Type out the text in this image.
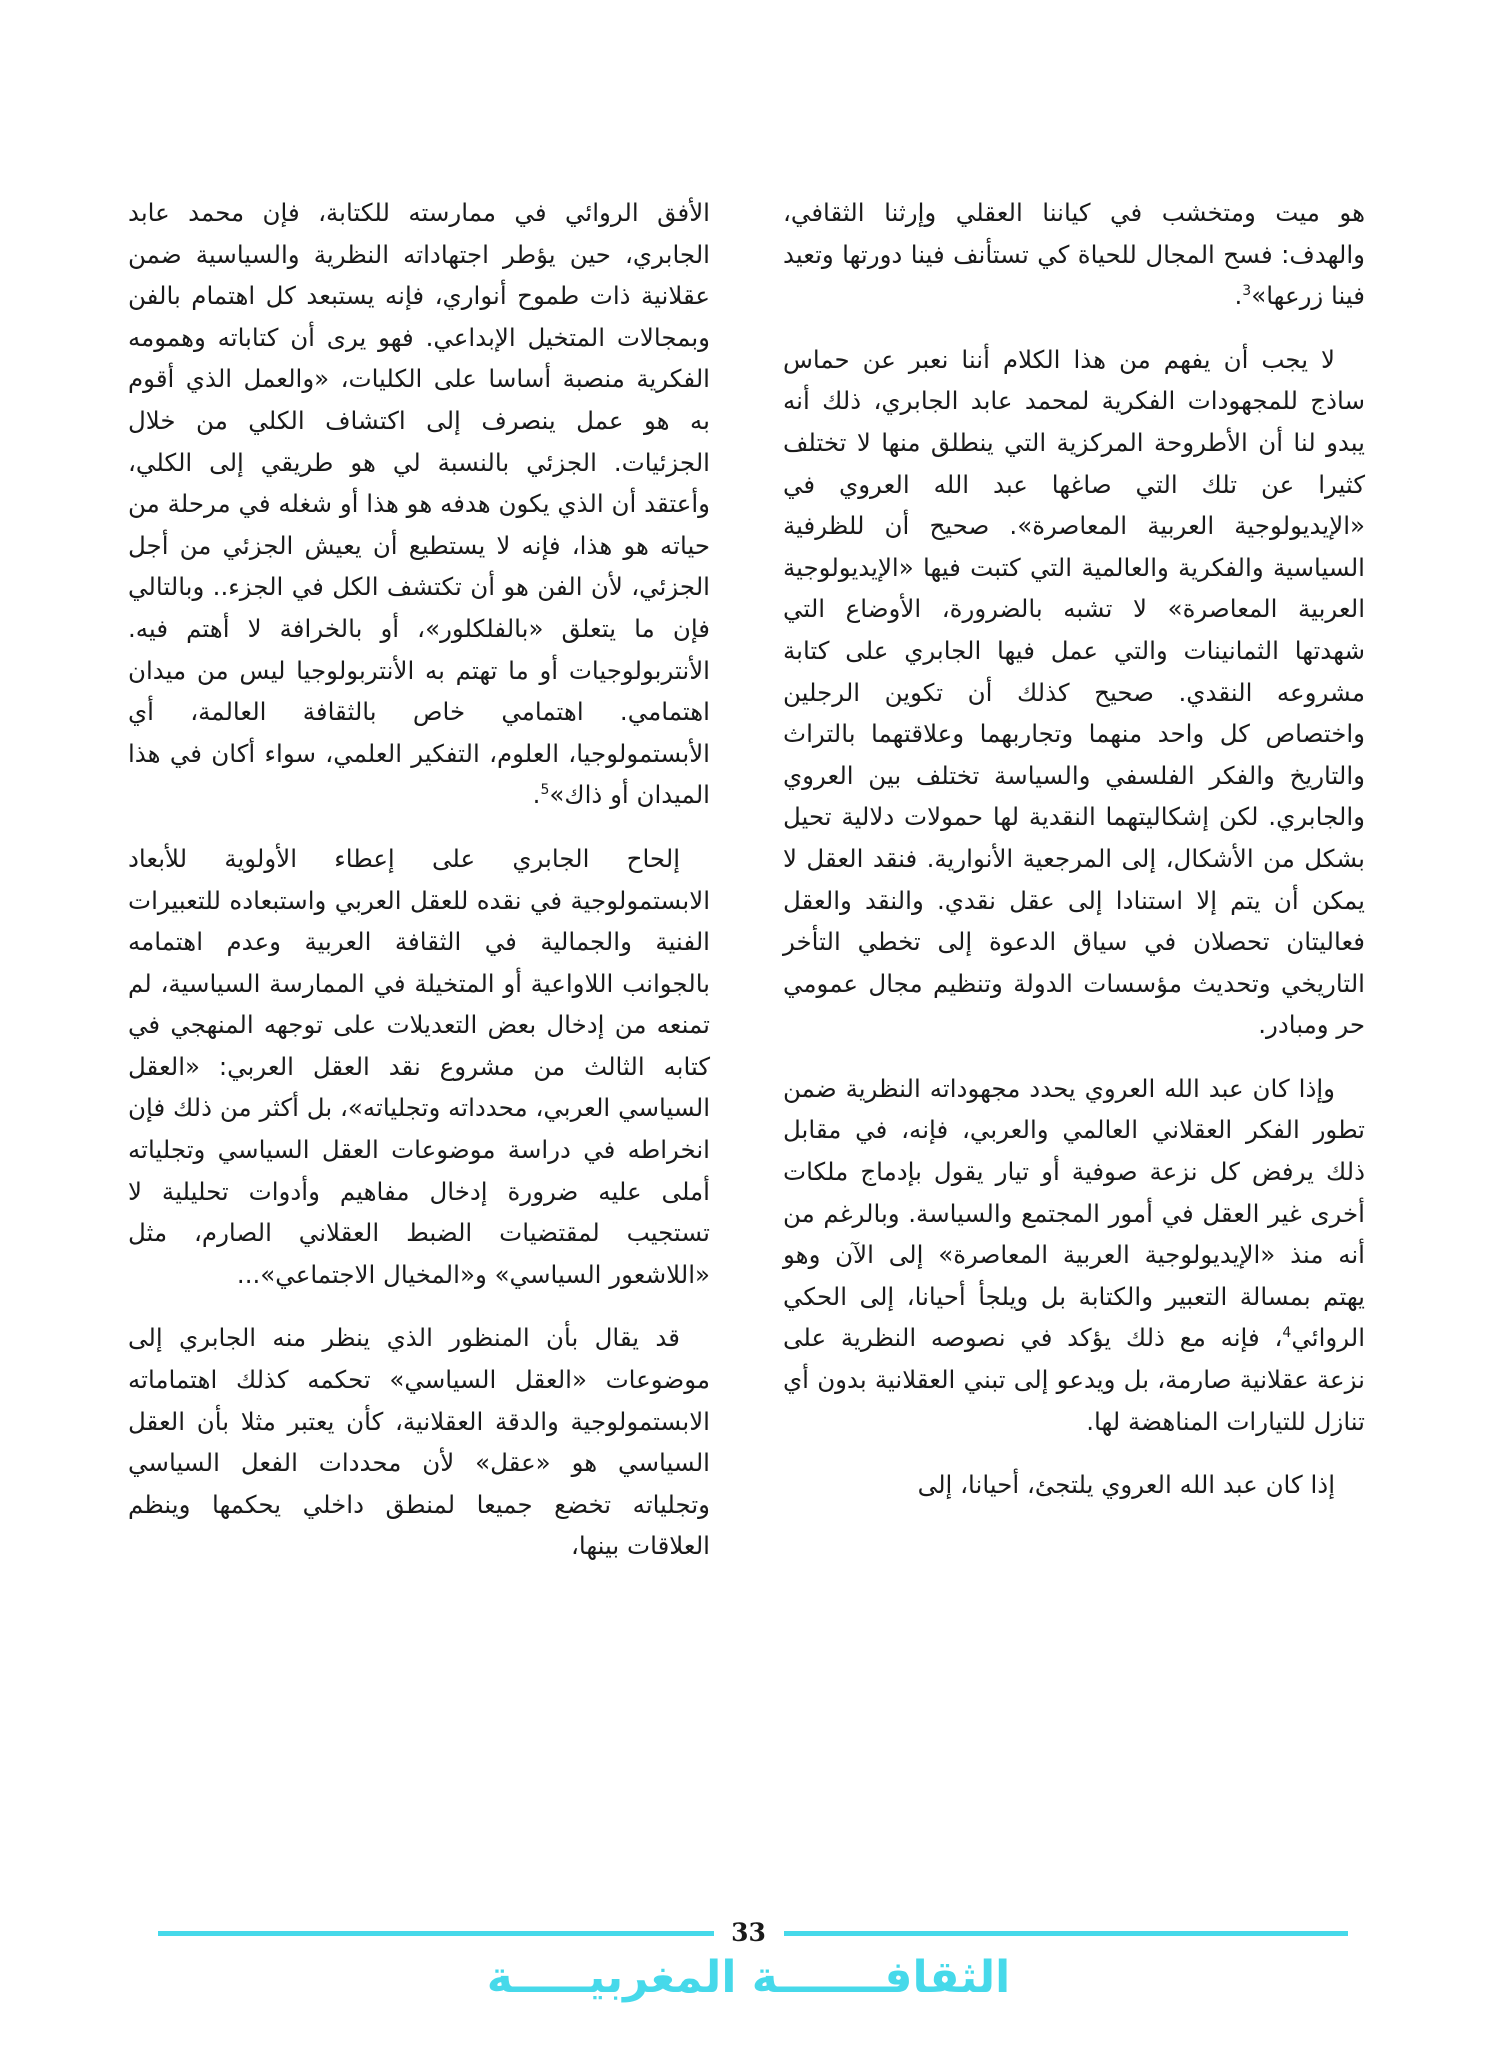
هو ميت ومتخشب في كياننا العقلي وإرثنا الثقافي، والهدف: فسح المجال للحياة كي تستأنف فينا دورتها وتعيد فينا زرعها»$^3$.

لا يجب أن يفهم من هذا الكلام أننا نعبر عن حماس ساذج للمجهودات الفكرية لمحمد عابد الجابري، ذلك أنه يبدو لنا أن الأطروحة المركزية التي ينطلق منها لا تختلف كثيرا عن تلك التي صاغها عبد الله العروي في «الإيديولوجية العربية المعاصرة». صحيح أن للظرفية السياسية والفكرية والعالمية التي كتبت فيها «الإيديولوجية العربية المعاصرة» لا تشبه بالضرورة، الأوضاع التي شهدتها الثمانينات والتي عمل فيها الجابري على كتابة مشروعه النقدي. صحيح كذلك أن تكوين الرجلين واختصاص كل واحد منهما وتجاربهما وعلاقتهما بالتراث والتاريخ والفكر الفلسفي والسياسة تختلف بين العروي والجابري. لكن إشكاليتهما النقدية لها حمولات دلالية تحيل بشكل من الأشكال، إلى المرجعية الأنوارية. فنقد العقل لا يمكن أن يتم إلا استنادا إلى عقل نقدي. والنقد والعقل فعاليتان تحصلان في سياق الدعوة إلى تخطي التأخر التاريخي وتحديث مؤسسات الدولة وتنظيم مجال عمومي حر ومبادر.

وإذا كان عبد الله العروي يحدد مجهوداته النظرية ضمن تطور الفكر العقلاني العالمي والعربي، فإنه، في مقابل ذلك يرفض كل نزعة صوفية أو تيار يقول بإدماج ملكات أخرى غير العقل في أمور المجتمع والسياسة. وبالرغم من أنه منذ «الإيديولوجية العربية المعاصرة» إلى الآن وهو يهتم بمسالة التعبير والكتابة بل ويلجأ أحيانا، إلى الحكي الروائي$^4$، فإنه مع ذلك يؤكد في نصوصه النظرية على نزعة عقلانية صارمة، بل ويدعو إلى تبني العقلانية بدون أي تنازل للتيارات المناهضة لها.

إذا كان عبد الله العروي يلتجئ، أحيانا، إلى

الأفق الروائي في ممارسته للكتابة، فإن محمد عابد الجابري، حين يؤطر اجتهاداته النظرية والسياسية ضمن عقلانية ذات طموح أنواري، فإنه يستبعد كل اهتمام بالفن وبمجالات المتخيل الإبداعي. فهو يرى أن كتاباته وهمومه الفكرية منصبة أساسا على الكليات، «والعمل الذي أقوم به هو عمل ينصرف إلى اكتشاف الكلي من خلال الجزئيات. الجزئي بالنسبة لي هو طريقي إلى الكلي، وأعتقد أن الذي يكون هدفه هو هذا أو شغله في مرحلة من حياته هو هذا، فإنه لا يستطيع أن يعيش الجزئي من أجل الجزئي، لأن الفن هو أن تكتشف الكل في الجزء.. وبالتالي فإن ما يتعلق «بالفلكلور»، أو بالخرافة لا أهتم فيه. الأنتربولوجيات أو ما تهتم به الأنتربولوجيا ليس من ميدان اهتمامي. اهتمامي خاص بالثقافة العالمة، أي الأبستمولوجيا، العلوم، التفكير العلمي، سواء أكان في هذا الميدان أو ذاك»$^5$.

إلحاح الجابري على إعطاء الأولوية للأبعاد الابستمولوجية في نقده للعقل العربي واستبعاده للتعبيرات الفنية والجمالية في الثقافة العربية وعدم اهتمامه بالجوانب اللاواعية أو المتخيلة في الممارسة السياسية، لم تمنعه من إدخال بعض التعديلات على توجهه المنهجي في كتابه الثالث من مشروع نقد العقل العربي: «العقل السياسي العربي، محدداته وتجلياته»، بل أكثر من ذلك فإن انخراطه في دراسة موضوعات العقل السياسي وتجلياته أملى عليه ضرورة إدخال مفاهيم وأدوات تحليلية لا تستجيب لمقتضيات الضبط العقلاني الصارم، مثل «اللاشعور السياسي» و«المخيال الاجتماعي»...

قد يقال بأن المنظور الذي ينظر منه الجابري إلى موضوعات «العقل السياسي» تحكمه كذلك اهتماماته الابستمولوجية والدقة العقلانية، كأن يعتبر مثلا بأن العقل السياسي هو «عقل» لأن محددات الفعل السياسي وتجلياته تخضع جميعا لمنطق داخلي يحكمها وينظم العلاقات بينها،

33
الثقافـــــــة المغربيـــــة
